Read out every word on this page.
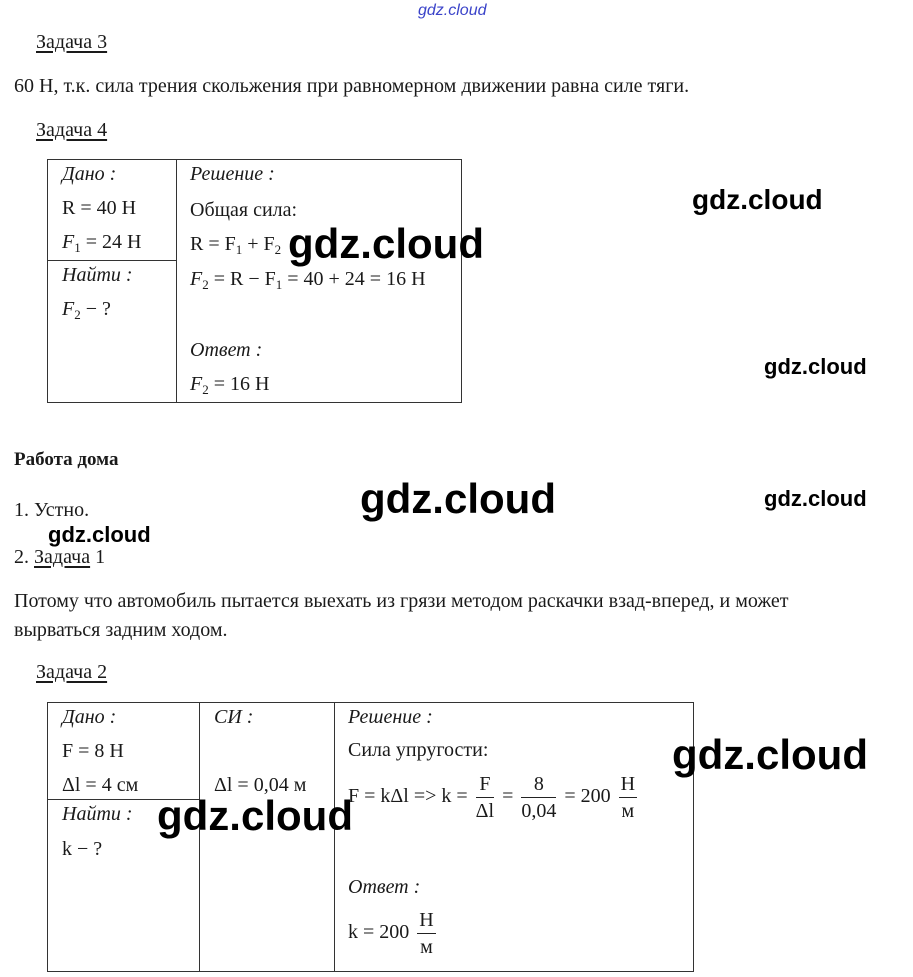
gdz.cloud
Задача 3
60 Н, т.к. сила трения скольжения при равномерном движении равна силе тяги.
Задача 4
Дано :
R = 40 Н
$F_1 = 24$ Н
Найти :
$F_2$ − ?
Решение :
Общая сила:
$R = F_1 + F_2$
$F_2 = R - F_1 = 40 + 24 = 16$ Н
Ответ :
$F_2 = 16$ Н
Работа дома
1. Устно.
2. Задача 1
Потому что автомобиль пытается выехать из грязи методом раскачки взад-вперед, и может
вырваться задним ходом.
Задача 2
Дано :
F = 8 Н
Δl = 4 см
Найти :
k − ?
СИ :
Δl = 0,04 м
Решение :
Сила упругости:
$F = k\Delta l => k = \frac{F}{\Delta l} = \frac{8}{0,04} = 200 \frac{Н}{м}$
Ответ :
$k = 200 \frac{Н}{м}$
gdz.cloud
gdz.cloud
gdz.cloud
gdz.cloud	gdz.cloud
gdz.cloud
gdz.cloud
gdz.cloud
